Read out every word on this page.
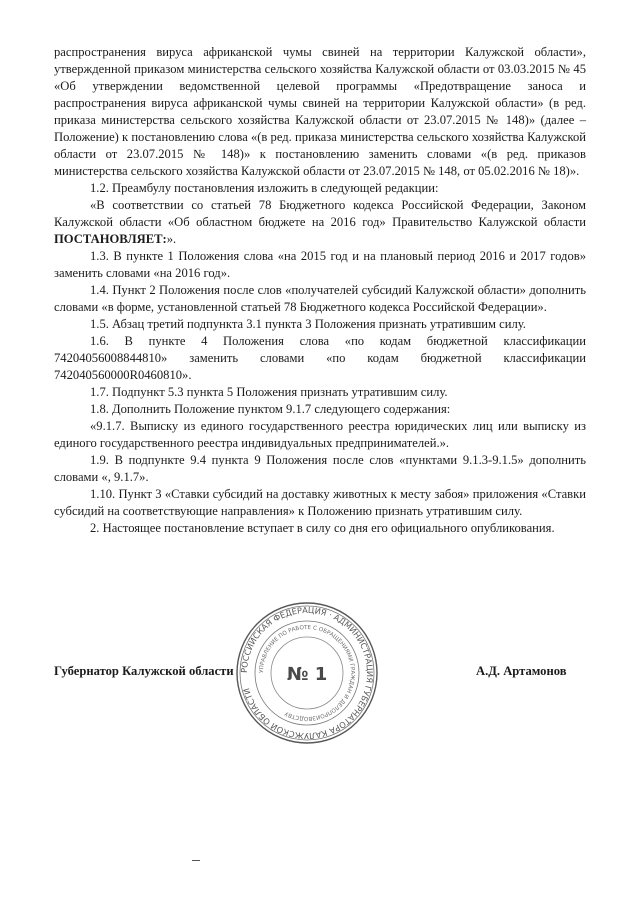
распространения вируса африканской чумы свиней на территории Калужской области», утвержденной приказом министерства сельского хозяйства Калужской области от 03.03.2015 № 45 «Об утверждении ведомственной целевой программы «Предотвращение заноса и распространения вируса африканской чумы свиней на территории Калужской области» (в ред. приказа министерства сельского хозяйства Калужской области от 23.07.2015 № 148)» (далее – Положение) к постановлению слова «(в ред. приказа министерства сельского хозяйства Калужской области от 23.07.2015 № 148)» к постановлению заменить словами «(в ред. приказов министерства сельского хозяйства Калужской области от 23.07.2015 № 148, от 05.02.2016 № 18)».

1.2. Преамбулу постановления изложить в следующей редакции:

«В соответствии со статьей 78 Бюджетного кодекса Российской Федерации, Законом Калужской области «Об областном бюджете на 2016 год» Правительство Калужской области ПОСТАНОВЛЯЕТ:».

1.3. В пункте 1 Положения слова «на 2015 год и на плановый период 2016 и 2017 годов» заменить словами «на 2016 год».

1.4. Пункт 2 Положения после слов «получателей субсидий Калужской области» дополнить словами «в форме, установленной статьей 78 Бюджетного кодекса Российской Федерации».

1.5. Абзац третий подпункта 3.1 пункта 3 Положения признать утратившим силу.

1.6. В пункте 4 Положения слова «по кодам бюджетной классификации 74204056008844810» заменить словами «по кодам бюджетной классификации 742040560000R0460810».

1.7. Подпункт 5.3 пункта 5 Положения признать утратившим силу.

1.8. Дополнить Положение пунктом 9.1.7 следующего содержания:

«9.1.7. Выписку из единого государственного реестра юридических лиц или выписку из единого государственного реестра индивидуальных предпринимателей.».

1.9. В подпункте 9.4 пункта 9 Положения после слов «пунктами 9.1.3-9.1.5» дополнить словами «, 9.1.7».

1.10. Пункт 3 «Ставки субсидий на доставку животных к месту забоя» приложения «Ставки субсидий на соответствующие направления» к Положению признать утратившим силу.

2. Настоящее постановление вступает в силу со дня его официального опубликования.

РОССИЙСКАЯ ФЕДЕРАЦИЯ · АДМИНИСТРАЦИЯ ГУБЕРНАТОРА КАЛУЖСКОЙ ОБЛАСТИ
УПРАВЛЕНИЕ ПО РАБОТЕ С ОБРАЩЕНИЯМИ ГРАЖДАН И ДЕЛОПРОИЗВОДСТВУ
№ 1
Губернатор Калужской области	А.Д. Артамонов
